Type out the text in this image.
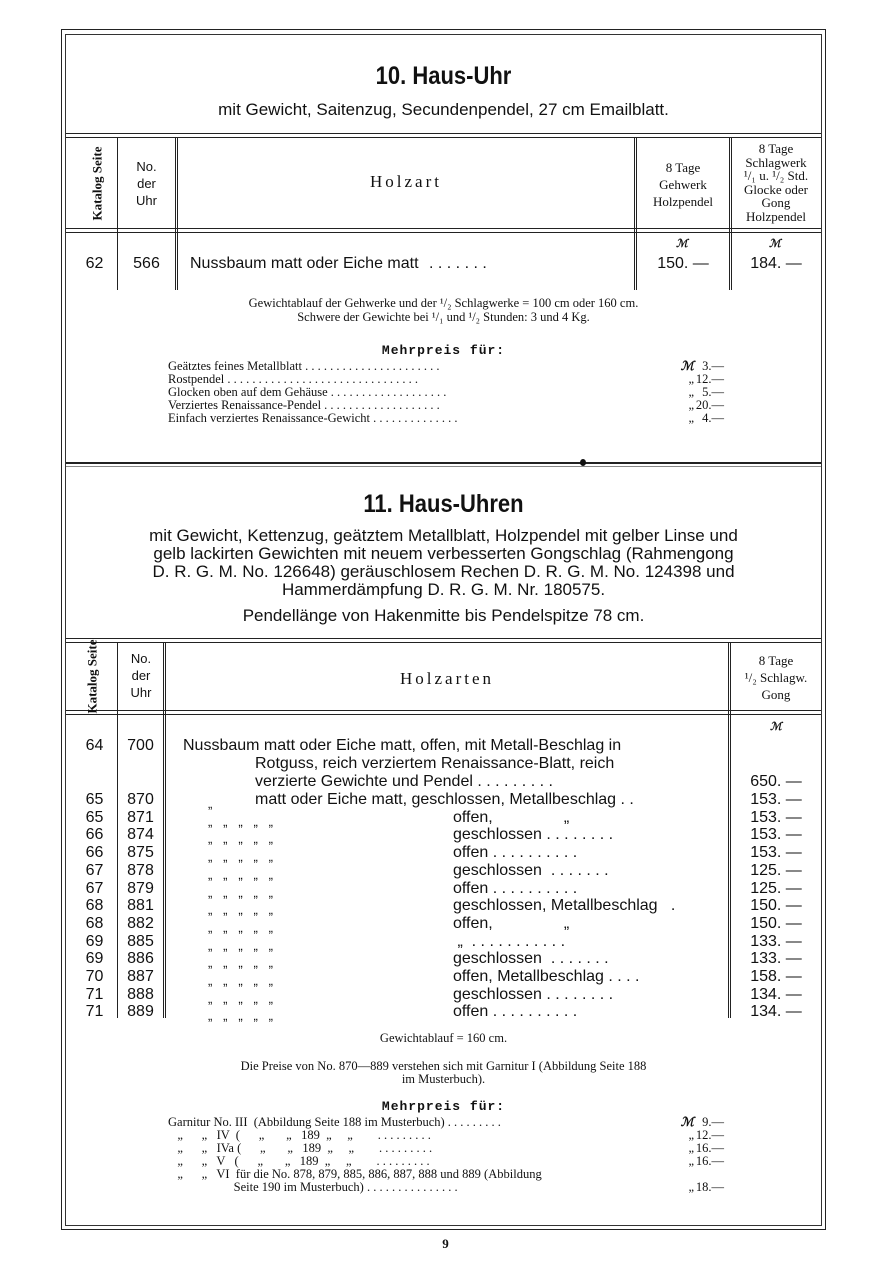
10. Haus-Uhr
mit Gewicht, Saitenzug, Secundenpendel, 27 cm Emailblatt.
Katalog Seite	No.
der
Uhr
Holzart
8 Tage
Gehwerk
Holzpendel
8 Tage
Schlagwerk
¹/₁ u. ¹/₂ Std.
Glocke oder
Gong
Holzpendel
ℳ	ℳ
62	566	Nussbaum matt oder Eiche matt . . . . . . .	150. —	184. —
Gewichtablauf der Gehwerke und der ¹/₂ Schlagwerke = 100 cm oder 160 cm.
Schwere der Gewichte bei ¹/₁ und ¹/₂ Stunden: 3 und 4 Kg.
Mehrpreis für:
Geätztes feines Metallblatt . . . . . . . . . . . . . . . . . . . . . .	ℳ 3.—
Rostpendel . . . . . . . . . . . . . . . . . . . . . . . . . . . . . . .	„ 12.—
Glocken oben auf dem Gehäuse . . . . . . . . . . . . . . . . . . .	„ 5.—
Verziertes Renaissance-Pendel . . . . . . . . . . . . . . . . . . .	„ 20.—
Einfach verziertes Renaissance-Gewicht . . . . . . . . . . . . . .	„ 4.—
11. Haus-Uhren
mit Gewicht, Kettenzug, geätztem Metallblatt, Holzpendel mit gelber Linse und
gelb lackirten Gewichten mit neuem verbesserten Gongschlag (Rahmengong
D. R. G. M. No. 126648) geräuschlosem Rechen D. R. G. M. No. 124398 und
Hammerdämpfung D. R. G. M. Nr. 180575.
Pendellänge von Hakenmitte bis Pendelspitze 78 cm.
Katalog Seite	No.
der
Uhr
Holzarten
8 Tage
¹/₂ Schlagw.
Gong
ℳ
64	700	Nussbaum matt oder Eiche matt, offen, mit Metall-Beschlag in
Rotguss, reich verziertem Renaissance-Blatt, reich
verzierte Gewichte und Pendel . . . . . . . . .	650. —
65	870	„	matt oder Eiche matt, geschlossen, Metallbeschlag . .	153. —
65	871	„   „   „   „   „	offen,                „	153. —
66	874	„   „   „   „   „	geschlossen . . . . . . . .	153. —
66	875	„   „   „   „   „	offen . . . . . . . . . .	153. —
67	878	„   „   „   „   „	geschlossen  . . . . . . .	125. —
67	879	„   „   „   „   „	offen . . . . . . . . . .	125. —
68	881	„   „   „   „   „	geschlossen, Metallbeschlag   .	150. —
68	882	„   „   „   „   „	offen,                „	150. —
69	885	„   „   „   „   „	„  . . . . . . . . . . .	133. —
69	886	„   „   „   „   „	geschlossen  . . . . . . .	133. —
70	887	„   „   „   „   „	offen, Metallbeschlag . . . .	158. —
71	888	„   „   „   „   „	geschlossen . . . . . . . .	134. —
71	889	„   „   „   „   „	offen . . . . . . . . . .	134. —
Gewichtablauf = 160 cm.
Die Preise von No. 870—889 verstehen sich mit Garnitur I (Abbildung Seite 188
im Musterbuch).
Mehrpreis für:
Garnitur No. III  (Abbildung Seite 188 im Musterbuch) . . . . . . . . .	ℳ 9.—
„      „   IV  (      „       „   189  „     „        . . . . . . . . .	„ 12.—
„      „   IVa (      „       „   189  „     „        . . . . . . . . .	„ 16.—
„      „   V   (      „       „   189  „     „        . . . . . . . . .	„ 16.—
„      „   VI  für die No. 878, 879, 885, 886, 887, 888 und 889 (Abbildung
Seite 190 im Musterbuch) . . . . . . . . . . . . . . .	„ 18.—
9
